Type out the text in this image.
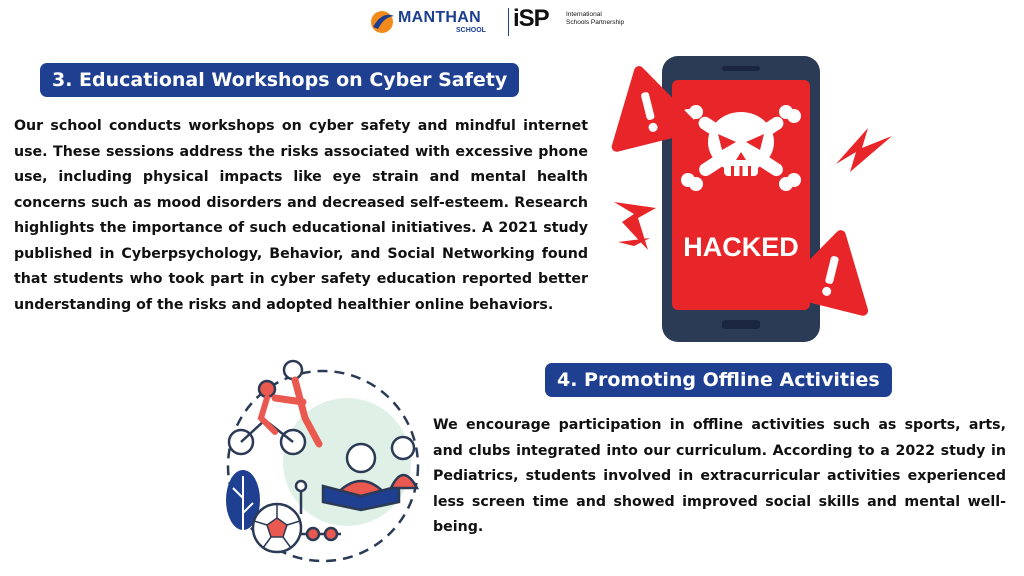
MANTHAN
SCHOOL iSP	International Schools Partnership
3. Educational Workshops on Cyber Safety
Our school conducts workshops on cyber safety and mindful internet use. These sessions address the risks associated with excessive phone use, including physical impacts like eye strain and mental health concerns such as mood disorders and decreased self-esteem. Research highlights the importance of such educational initiatives. A 2021 study published in Cyberpsychology, Behavior, and Social Networking found that students who took part in cyber safety education reported better understanding of the risks and adopted healthier online behaviors.
HACKED
4. Promoting Offline Activities
We encourage participation in offline activities such as sports, arts, and clubs integrated into our curriculum. According to a 2022 study in Pediatrics, students involved in extracurricular activities experienced less screen time and showed improved social skills and mental well-being.
